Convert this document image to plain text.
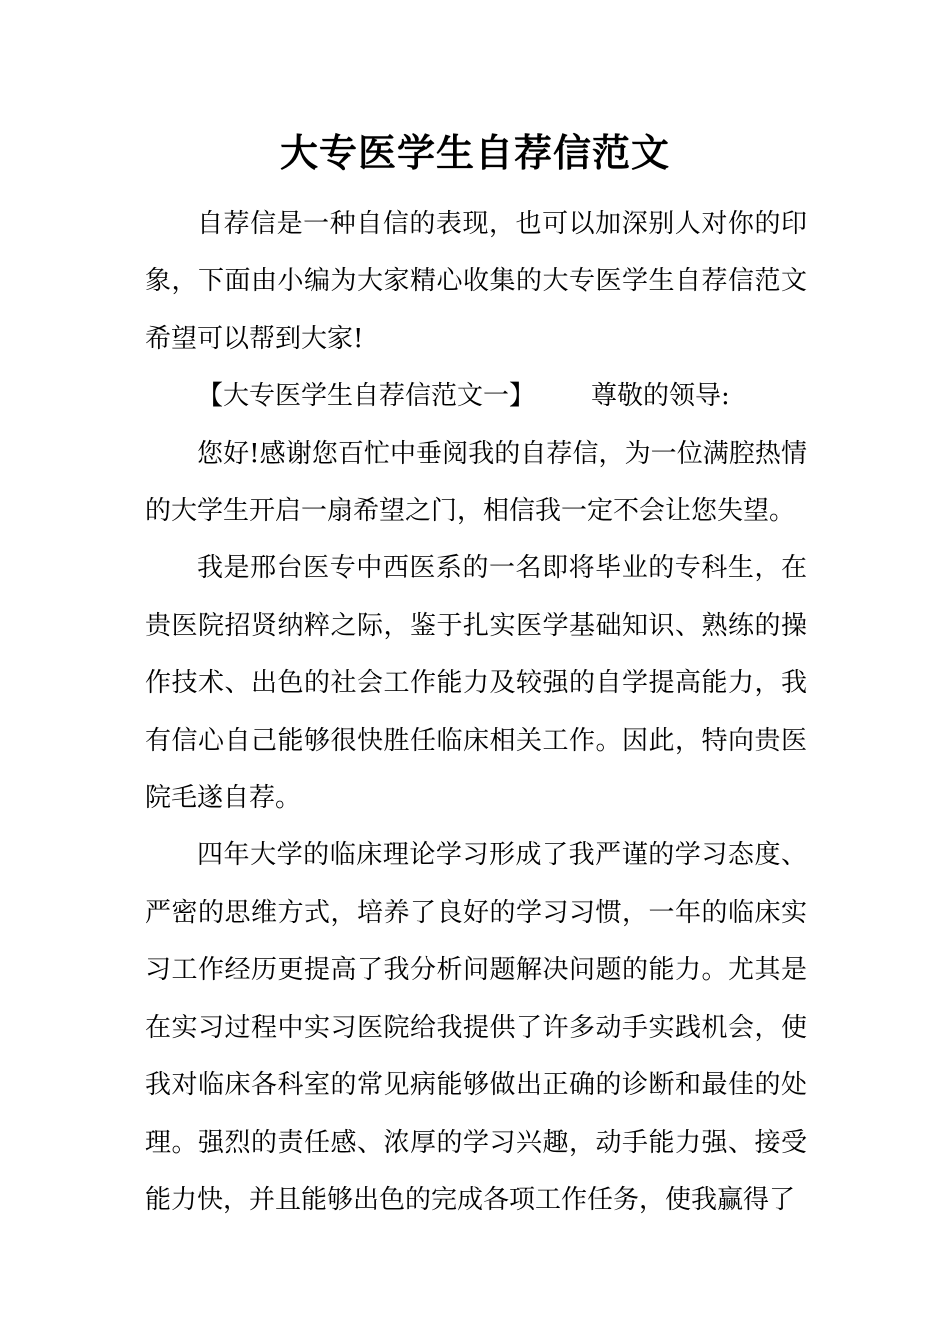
大专医学生自荐信范文

自荐信是一种自信的表现，也可以加深别人对你的印象，下面由小编为大家精心收集的大专医学生自荐信范文希望可以帮到大家!

【大专医学生自荐信范文一】 尊敬的领导:

您好!感谢您百忙中垂阅我的自荐信，为一位满腔热情的大学生开启一扇希望之门，相信我一定不会让您失望。

我是邢台医专中西医系的一名即将毕业的专科生，在贵医院招贤纳粹之际，鉴于扎实医学基础知识、熟练的操作技术、出色的社会工作能力及较强的自学提高能力，我有信心自己能够很快胜任临床相关工作。因此，特向贵医院毛遂自荐。

四年大学的临床理论学习形成了我严谨的学习态度、严密的思维方式，培养了良好的学习习惯，一年的临床实习工作经历更提高了我分析问题解决问题的能力。尤其是在实习过程中实习医院给我提供了许多动手实践机会，使我对临床各科室的常见病能够做出正确的诊断和最佳的处理。强烈的责任感、浓厚的学习兴趣，动手能力强、接受能力快，并且能够出色的完成各项工作任务，使我赢得了
